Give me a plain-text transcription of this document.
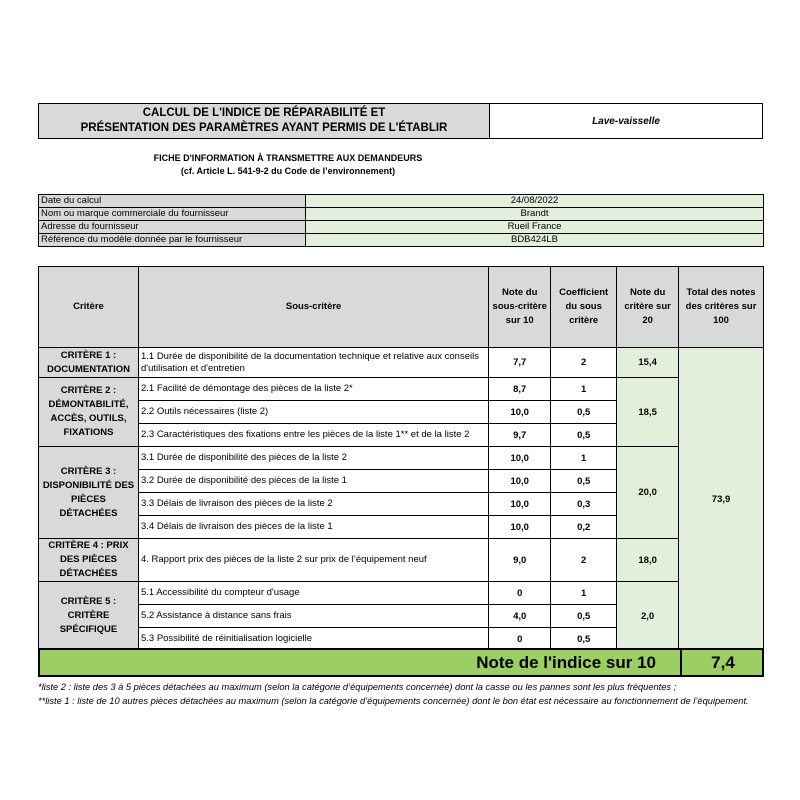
CALCUL DE L'INDICE DE RÉPARABILITÉ ET
PRÉSENTATION DES PARAMÈTRES AYANT PERMIS DE L'ÉTABLIR
Lave-vaisselle
FICHE D'INFORMATION À TRANSMETTRE AUX DEMANDEURS
(cf. Article L. 541-9-2 du Code de l’environnement)
Date du calcul	24/08/2022
Nom ou marque commerciale du fournisseur	Brandt
Adresse du fournisseur	Rueil France
Référence du modèle donnée par le fournisseur	BDB424LB
Critère	Sous-critère	Note du sous-critère sur 10	Coefficient du sous critère	Note du critère sur 20	Total des notes des critères sur 100
CRITÈRE 1 : DOCUMENTATION	1.1 Durée de disponibilité de la documentation technique et relative aux conseils d'utilisation et d'entretien	7,7	2	15,4	73,9
CRITÈRE 2 : DÉMONTABILITÉ, ACCÈS, OUTILS, FIXATIONS	2.1 Facilité de démontage des pièces de la liste 2*	8,7	1	18,5	
	2.2 Outils nécessaires (liste 2)	10,0	0,5		
	2.3 Caractéristiques des fixations entre les pièces de la liste 1** et de la liste 2	9,7	0,5		
CRITÈRE 3 : DISPONIBILITÉ DES PIÈCES DÉTACHÉES	3.1 Durée de disponibilité des pièces de la liste 2	10,0	1	20,0	
	3.2 Durée de disponibilité des pièces de la liste 1	10,0	0,5		
	3.3 Délais de livraison des pièces de la liste 2	10,0	0,3		
	3.4 Délais de livraison des pièces de la liste 1	10,0	0,2		
CRITÈRE 4 : PRIX DES PIÈCES DÉTACHÉES	4. Rapport prix des pièces de la liste 2 sur prix de l’équipement neuf	9,0	2	18,0	
CRITÈRE 5 : CRITÈRE SPÉCIFIQUE	5.1 Accessibilité du compteur d'usage	0	1	2,0	
	5.2 Assistance à distance sans frais	4,0	0,5		
	5.3 Possibilité de réinitialisation logicielle	0	0,5		
Note de l'indice sur 10	7,4
*liste 2 : liste des 3 à 5 pièces détachées au maximum (selon la catégorie d’équipements concernée) dont la casse ou les pannes sont les plus fréquentes ;
**liste 1 : liste de 10 autres pièces détachées au maximum (selon la catégorie d’équipements concernée) dont le bon état est nécessaire au fonctionnement de l’équipement.
